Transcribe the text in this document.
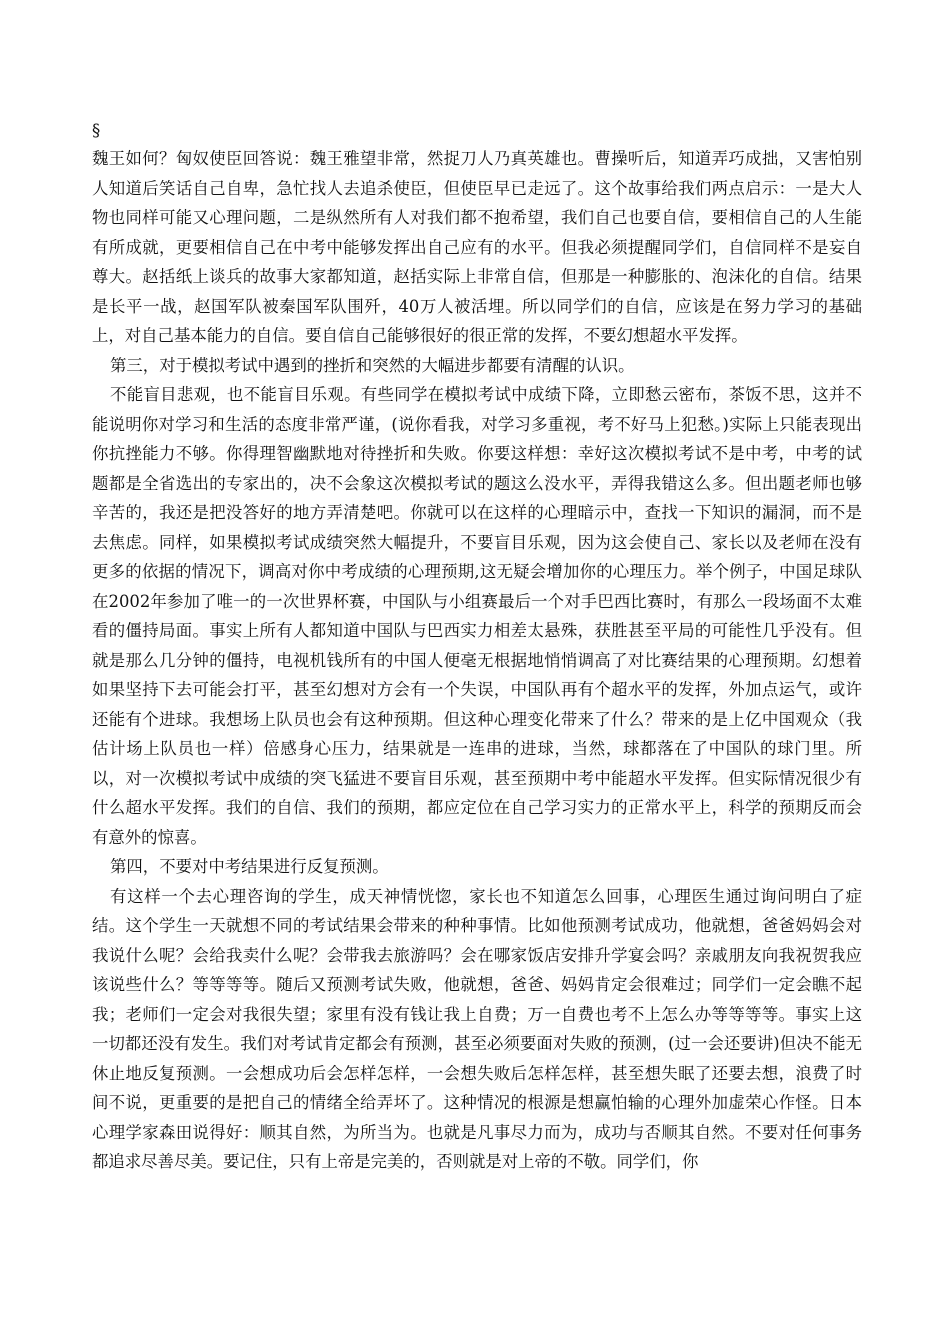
§

魏王如何？匈奴使臣回答说：魏王雅望非常，然捉刀人乃真英雄也。曹操听后，知道弄巧成拙，又害怕别人知道后笑话自己自卑，急忙找人去追杀使臣，但使臣早已走远了。这个故事给我们两点启示：一是大人物也同样可能又心理问题，二是纵然所有人对我们都不抱希望，我们自己也要自信，要相信自己的人生能有所成就，更要相信自己在中考中能够发挥出自己应有的水平。但我必须提醒同学们，自信同样不是妄自尊大。赵括纸上谈兵的故事大家都知道，赵括实际上非常自信，但那是一种膨胀的、泡沫化的自信。结果是长平一战，赵国军队被秦国军队围歼，40万人被活埋。所以同学们的自信，应该是在努力学习的基础上，对自己基本能力的自信。要自信自己能够很好的很正常的发挥，不要幻想超水平发挥。

第三，对于模拟考试中遇到的挫折和突然的大幅进步都要有清醒的认识。

不能盲目悲观，也不能盲目乐观。有些同学在模拟考试中成绩下降，立即愁云密布，茶饭不思，这并不能说明你对学习和生活的态度非常严谨，(说你看我，对学习多重视，考不好马上犯愁。)实际上只能表现出你抗挫能力不够。你得理智幽默地对待挫折和失败。你要这样想：幸好这次模拟考试不是中考，中考的试题都是全省选出的专家出的，决不会象这次模拟考试的题这么没水平，弄得我错这么多。但出题老师也够辛苦的，我还是把没答好的地方弄清楚吧。你就可以在这样的心理暗示中，查找一下知识的漏洞，而不是去焦虑。同样，如果模拟考试成绩突然大幅提升，不要盲目乐观，因为这会使自己、家长以及老师在没有更多的依据的情况下，调高对你中考成绩的心理预期,这无疑会增加你的心理压力。举个例子，中国足球队在2002年参加了唯一的一次世界杯赛，中国队与小组赛最后一个对手巴西比赛时，有那么一段场面不太难看的僵持局面。事实上所有人都知道中国队与巴西实力相差太悬殊，获胜甚至平局的可能性几乎没有。但就是那么几分钟的僵持，电视机钱所有的中国人便毫无根据地悄悄调高了对比赛结果的心理预期。幻想着如果坚持下去可能会打平，甚至幻想对方会有一个失误，中国队再有个超水平的发挥，外加点运气，或许还能有个进球。我想场上队员也会有这种预期。但这种心理变化带来了什么？带来的是上亿中国观众（我估计场上队员也一样）倍感身心压力，结果就是一连串的进球，当然，球都落在了中国队的球门里。所以，对一次模拟考试中成绩的突飞猛进不要盲目乐观，甚至预期中考中能超水平发挥。但实际情况很少有什么超水平发挥。我们的自信、我们的预期，都应定位在自己学习实力的正常水平上，科学的预期反而会有意外的惊喜。

第四，不要对中考结果进行反复预测。

有这样一个去心理咨询的学生，成天神情恍惚，家长也不知道怎么回事，心理医生通过询问明白了症结。这个学生一天就想不同的考试结果会带来的种种事情。比如他预测考试成功，他就想，爸爸妈妈会对我说什么呢？会给我卖什么呢？会带我去旅游吗？会在哪家饭店安排升学宴会吗？亲戚朋友向我祝贺我应该说些什么？等等等等。随后又预测考试失败，他就想，爸爸、妈妈肯定会很难过；同学们一定会瞧不起我；老师们一定会对我很失望；家里有没有钱让我上自费；万一自费也考不上怎么办等等等等。事实上这一切都还没有发生。我们对考试肯定都会有预测，甚至必须要面对失败的预测，(过一会还要讲)但决不能无休止地反复预测。一会想成功后会怎样怎样，一会想失败后怎样怎样，甚至想失眠了还要去想，浪费了时间不说，更重要的是把自己的情绪全给弄坏了。这种情况的根源是想赢怕输的心理外加虚荣心作怪。日本心理学家森田说得好：顺其自然，为所当为。也就是凡事尽力而为，成功与否顺其自然。不要对任何事务都追求尽善尽美。要记住，只有上帝是完美的，否则就是对上帝的不敬。同学们，你
